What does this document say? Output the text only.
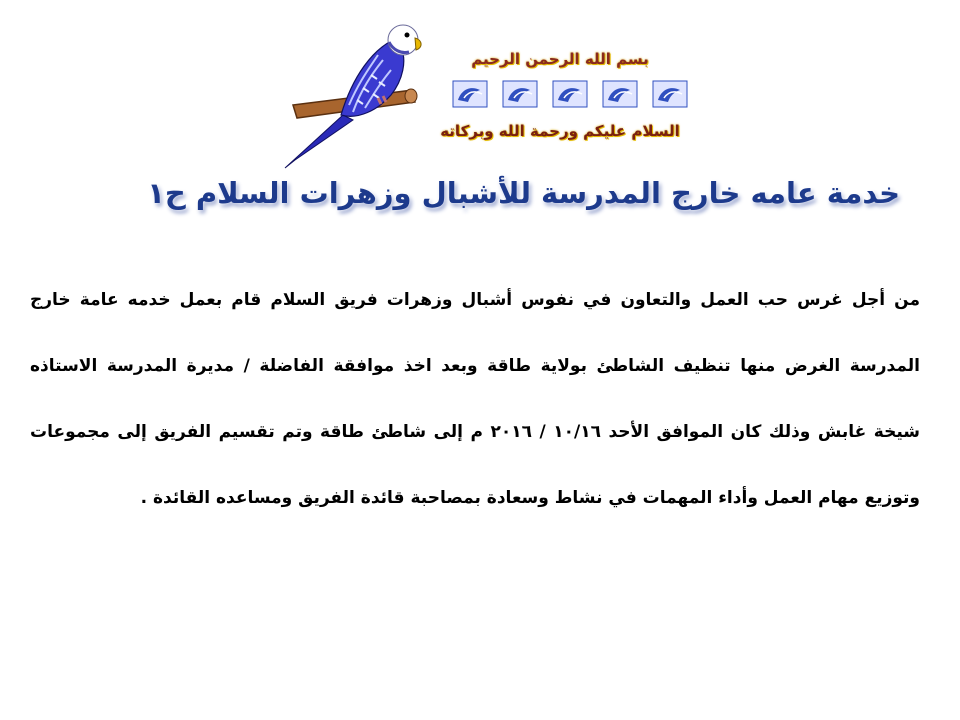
بسم الله الرحمن الرحيم
السلام عليكم ورحمة الله وبركاته
خدمة عامه خارج المدرسة للأشبال وزهرات السلام ح١
من أجل غرس حب العمل والتعاون في نفوس أشبال وزهرات فريق السلام قام بعمل خدمه عامة خارج
المدرسة الغرض منها تنظيف الشاطئ بولاية طاقة وبعد اخذ موافقة الفاضلة / مديرة المدرسة الاستاذه
شيخة غابش وذلك كان الموافق الأحد ١٠/١٦ / ٢٠١٦ م إلى شاطئ طاقة وتم تقسيم الفريق إلى مجموعات
وتوزيع مهام العمل وأداء المهمات في نشاط وسعادة بمصاحبة قائدة الفريق ومساعده القائدة .
